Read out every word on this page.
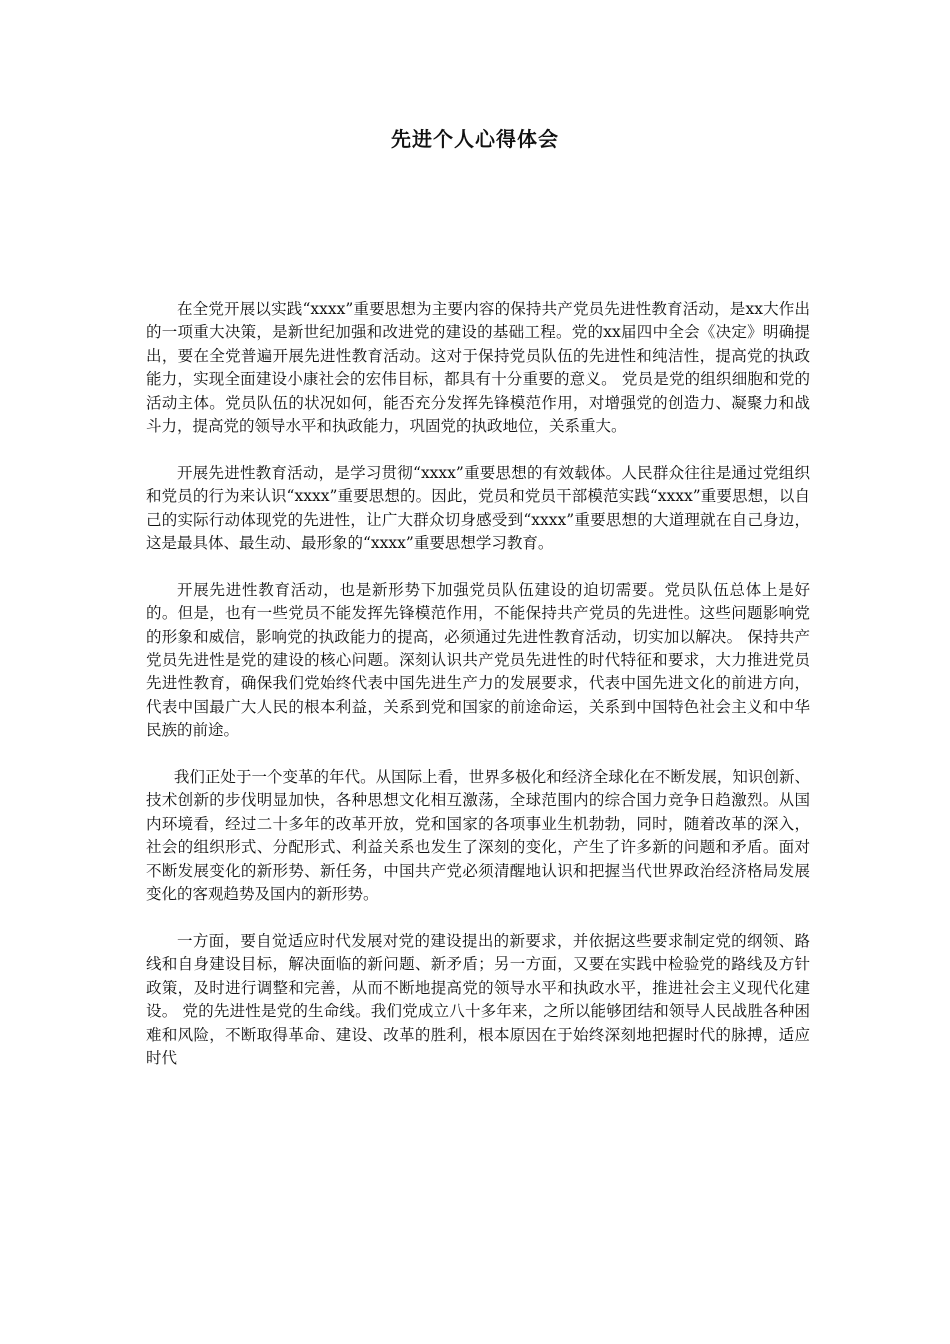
先进个人心得体会

在全党开展以实践“xxxx”重要思想为主要内容的保持共产党员先进性教育活动，是xx大作出的一项重大决策，是新世纪加强和改进党的建设的基础工程。党的xx届四中全会《决定》明确提出，要在全党普遍开展先进性教育活动。这对于保持党员队伍的先进性和纯洁性，提高党的执政能力，实现全面建设小康社会的宏伟目标，都具有十分重要的意义。 党员是党的组织细胞和党的活动主体。党员队伍的状况如何，能否充分发挥先锋模范作用，对增强党的创造力、凝聚力和战斗力，提高党的领导水平和执政能力，巩固党的执政地位，关系重大。

开展先进性教育活动，是学习贯彻“xxxx”重要思想的有效载体。人民群众往往是通过党组织和党员的行为来认识“xxxx”重要思想的。因此，党员和党员干部模范实践“xxxx”重要思想，以自己的实际行动体现党的先进性，让广大群众切身感受到“xxxx”重要思想的大道理就在自己身边，这是最具体、最生动、最形象的“xxxx”重要思想学习教育。

开展先进性教育活动，也是新形势下加强党员队伍建设的迫切需要。党员队伍总体上是好的。但是，也有一些党员不能发挥先锋模范作用，不能保持共产党员的先进性。这些问题影响党的形象和威信，影响党的执政能力的提高，必须通过先进性教育活动，切实加以解决。 保持共产党员先进性是党的建设的核心问题。深刻认识共产党员先进性的时代特征和要求，大力推进党员先进性教育，确保我们党始终代表中国先进生产力的发展要求，代表中国先进文化的前进方向，代表中国最广大人民的根本利益，关系到党和国家的前途命运，关系到中国特色社会主义和中华民族的前途。

我们正处于一个变革的年代。从国际上看，世界多极化和经济全球化在不断发展，知识创新、技术创新的步伐明显加快，各种思想文化相互激荡，全球范围内的综合国力竞争日趋激烈。从国内环境看，经过二十多年的改革开放，党和国家的各项事业生机勃勃，同时，随着改革的深入，社会的组织形式、分配形式、利益关系也发生了深刻的变化，产生了许多新的问题和矛盾。面对不断发展变化的新形势、新任务，中国共产党必须清醒地认识和把握当代世界政治经济格局发展变化的客观趋势及国内的新形势。

一方面，要自觉适应时代发展对党的建设提出的新要求，并依据这些要求制定党的纲领、路线和自身建设目标，解决面临的新问题、新矛盾；另一方面，又要在实践中检验党的路线及方针政策，及时进行调整和完善，从而不断地提高党的领导水平和执政水平，推进社会主义现代化建设。 党的先进性是党的生命线。我们党成立八十多年来，之所以能够团结和领导人民战胜各种困难和风险，不断取得革命、建设、改革的胜利，根本原因在于始终深刻地把握时代的脉搏，适应时代
